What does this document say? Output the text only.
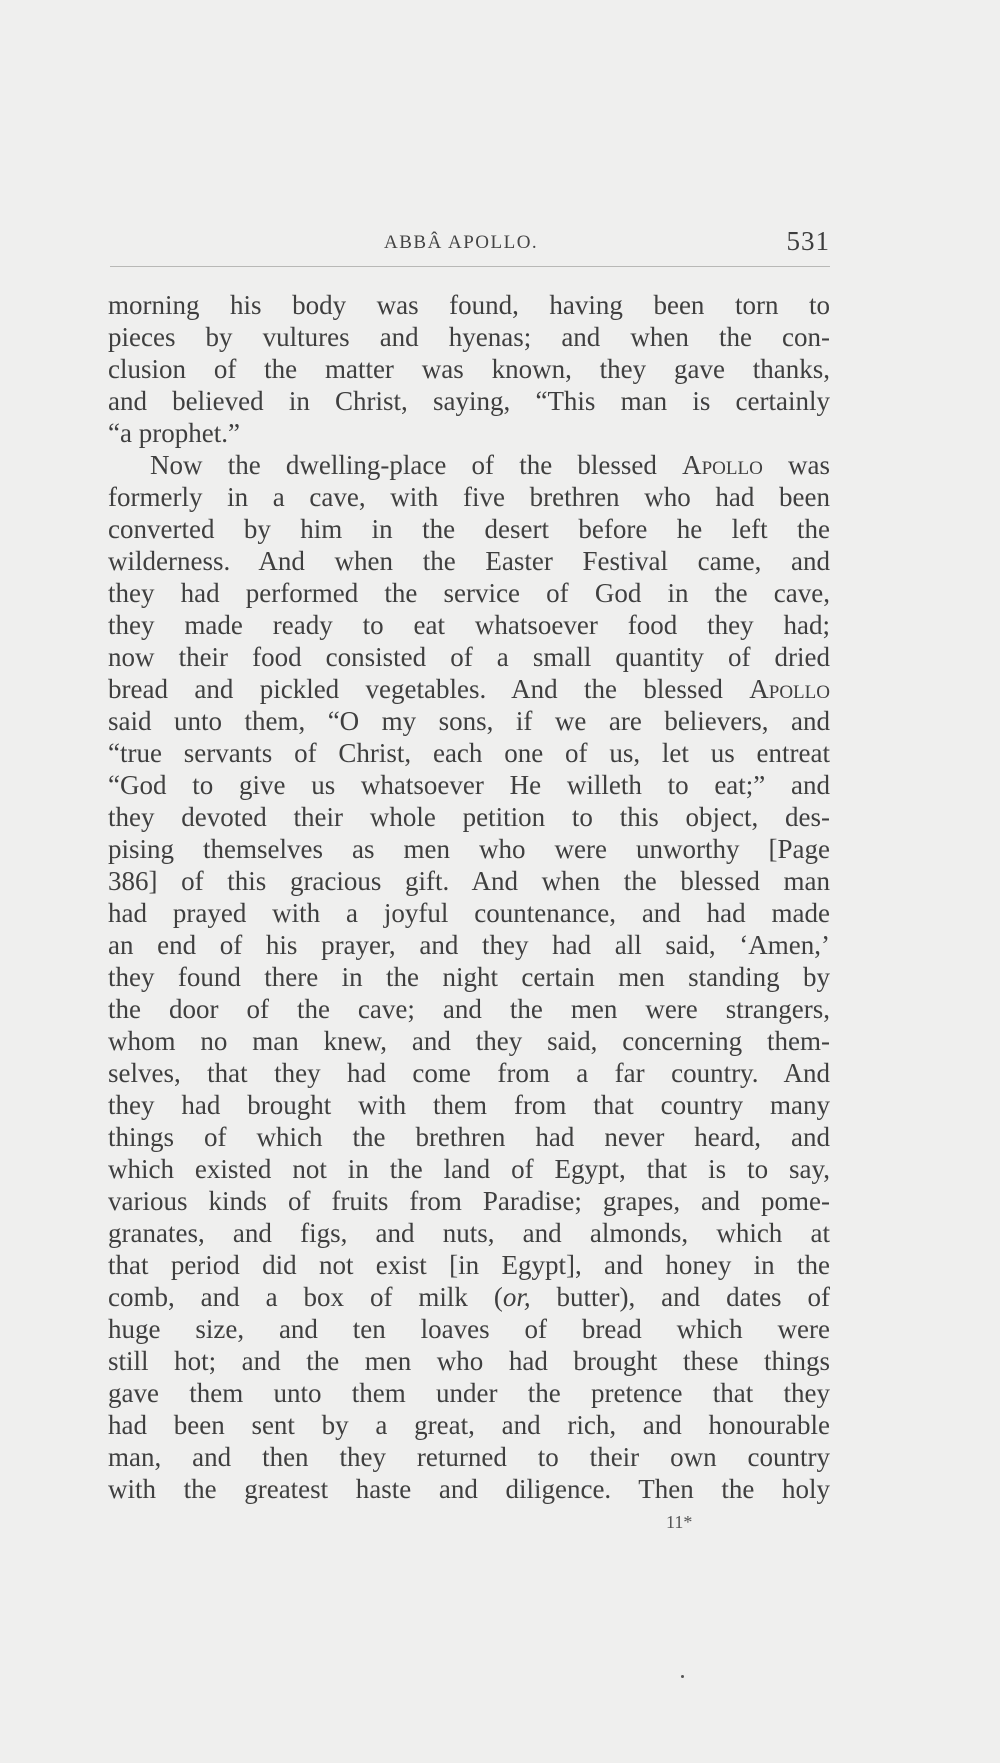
ABBÂ APOLLO.	531
morning his body was found, having been torn to
pieces by vultures and hyenas; and when the con-
clusion of the matter was known, they gave thanks,
and believed in Christ, saying, “This man is certainly
“a prophet.”
Now the dwelling-place of the blessed Apollo was
formerly in a cave, with five brethren who had been
converted by him in the desert before he left the
wilderness. And when the Easter Festival came, and
they had performed the service of God in the cave,
they made ready to eat whatsoever food they had;
now their food consisted of a small quantity of dried
bread and pickled vegetables. And the blessed Apollo
said unto them, “O my sons, if we are believers, and
“true servants of Christ, each one of us, let us entreat
“God to give us whatsoever He willeth to eat;” and
they devoted their whole petition to this object, des-
pising themselves as men who were unworthy [Page
386] of this gracious gift. And when the blessed man
had prayed with a joyful countenance, and had made
an end of his prayer, and they had all said, ‘Amen,’
they found there in the night certain men standing by
the door of the cave; and the men were strangers,
whom no man knew, and they said, concerning them-
selves, that they had come from a far country. And
they had brought with them from that country many
things of which the brethren had never heard, and
which existed not in the land of Egypt, that is to say,
various kinds of fruits from Paradise; grapes, and pome-
granates, and figs, and nuts, and almonds, which at
that period did not exist [in Egypt], and honey in the
comb, and a box of milk (or, butter), and dates of
huge size, and ten loaves of bread which were
still hot; and the men who had brought these things
gave them unto them under the pretence that they
had been sent by a great, and rich, and honourable
man, and then they returned to their own country
with the greatest haste and diligence. Then the holy
11*
